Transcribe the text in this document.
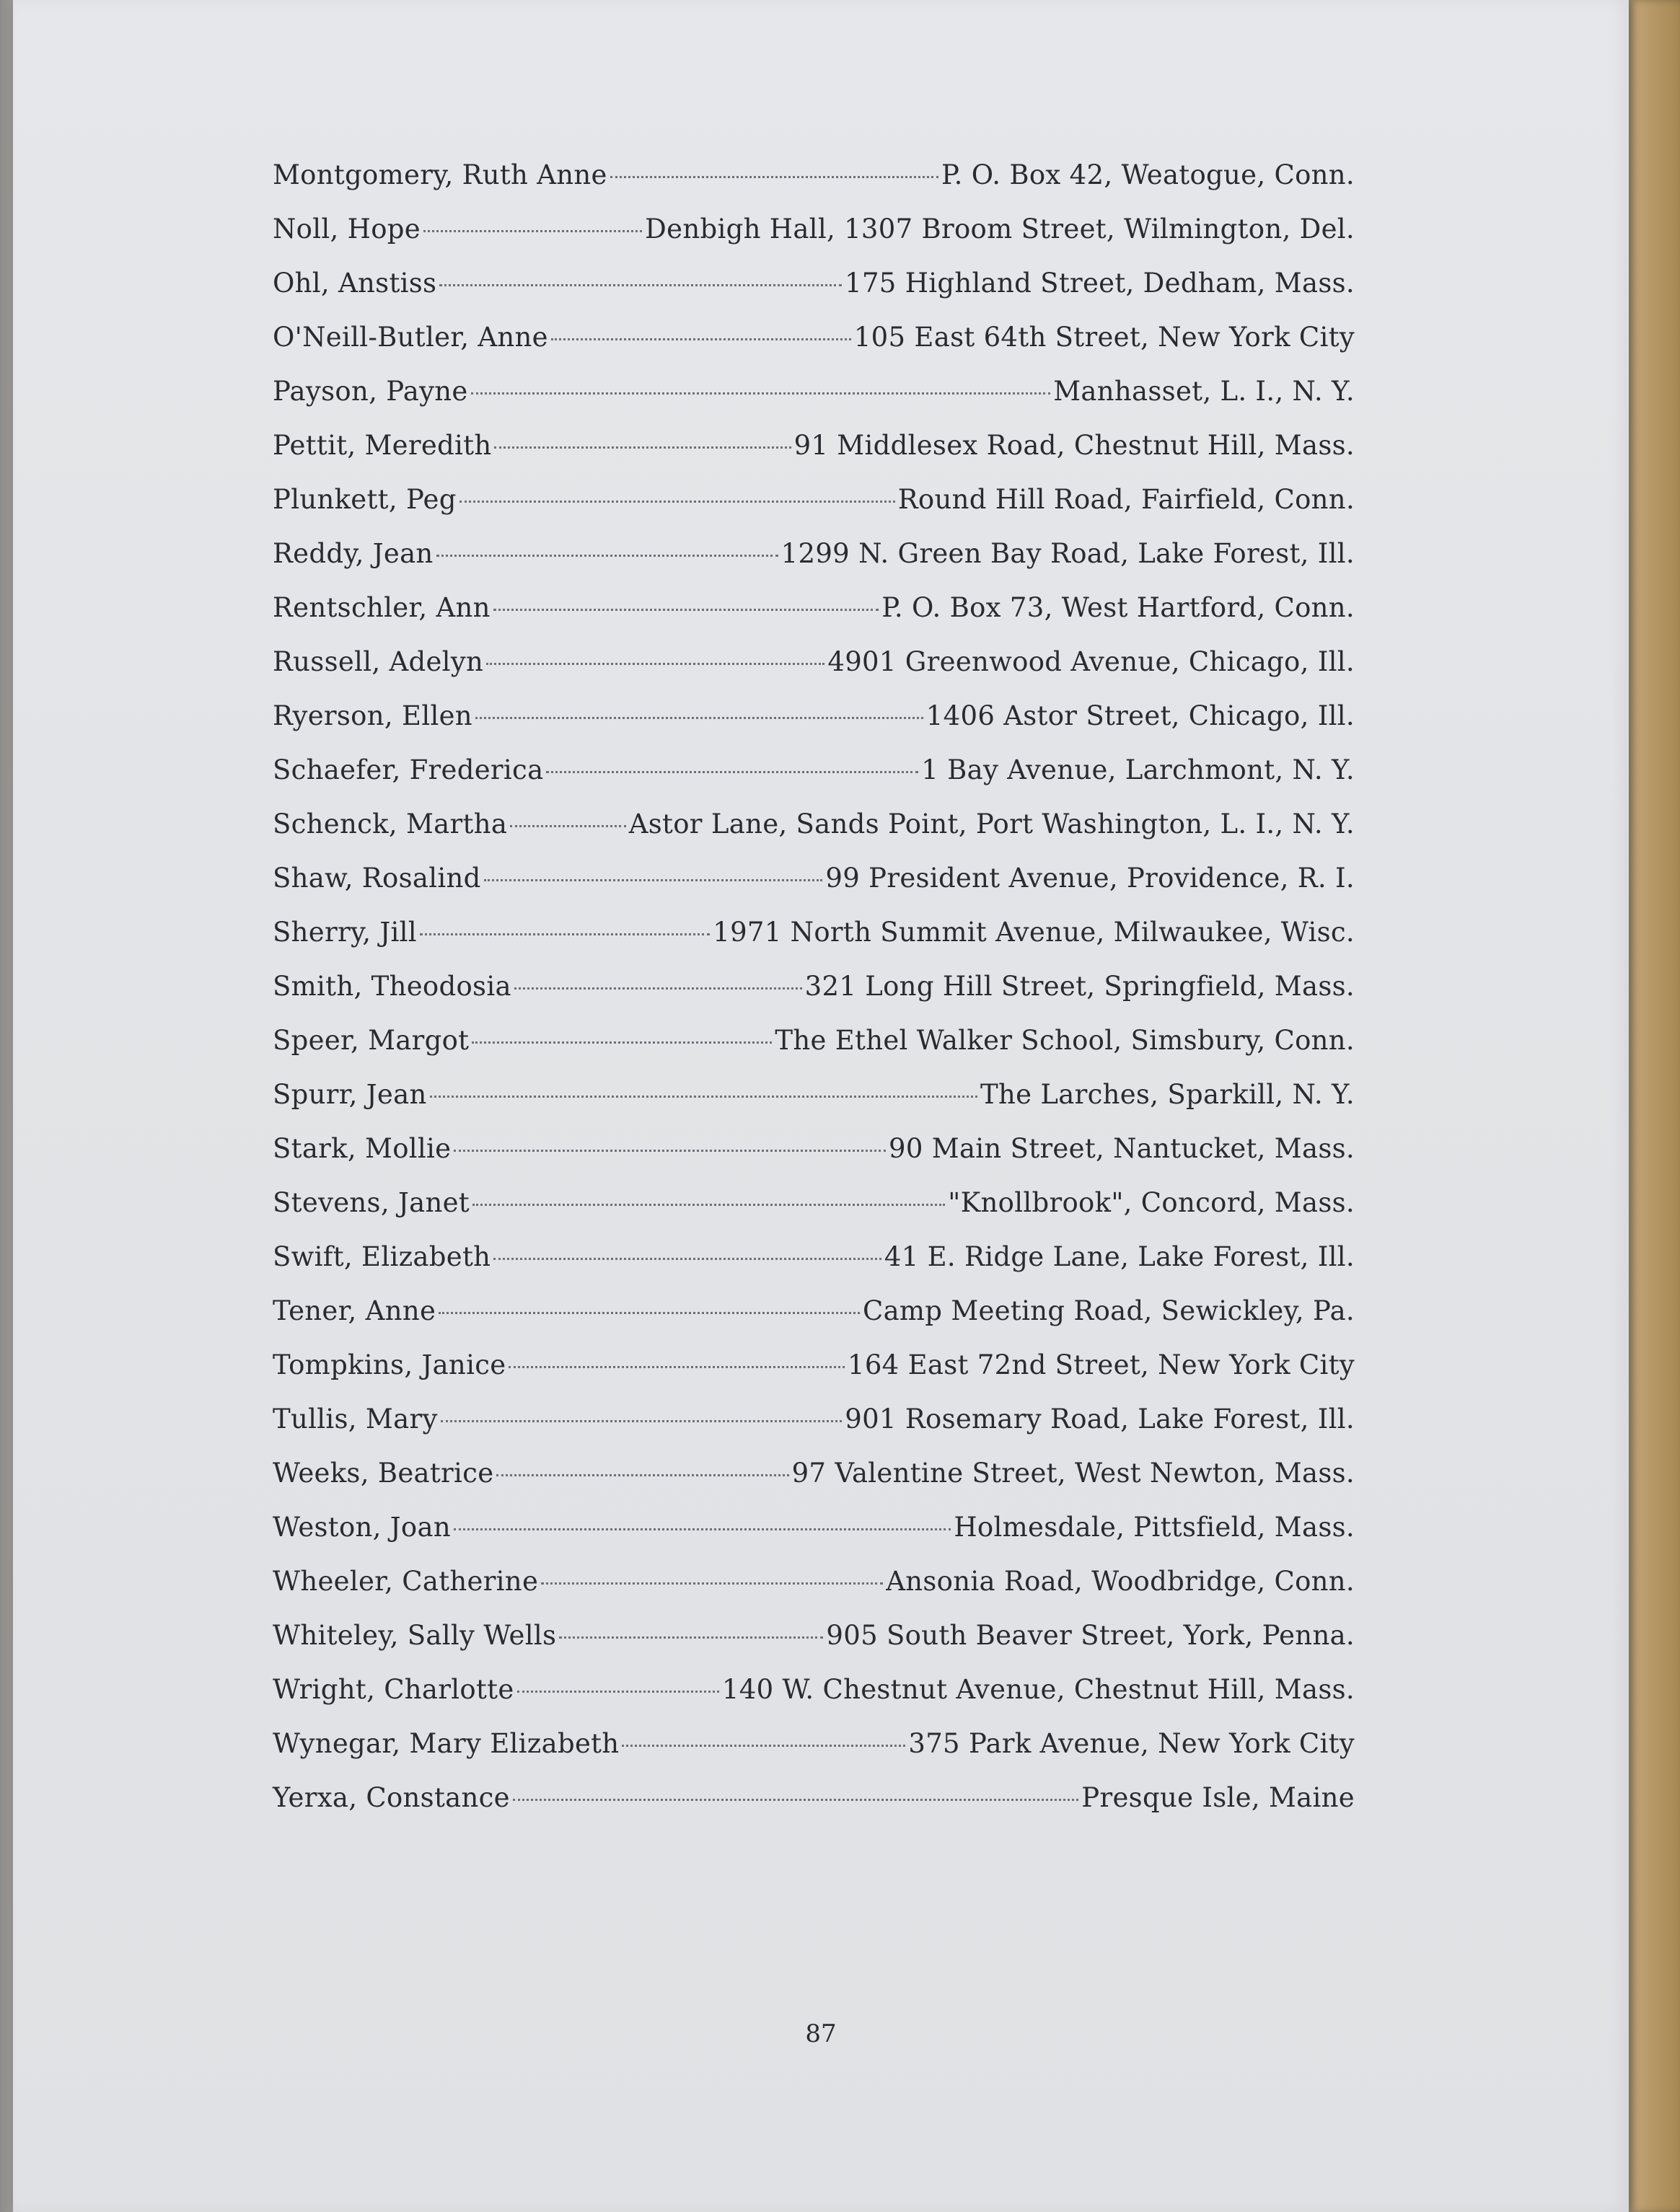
Montgomery, Ruth Anne	P. O. Box 42, Weatogue, Conn.
Noll, Hope	Denbigh Hall, 1307 Broom Street, Wilmington, Del.
Ohl, Anstiss	175 Highland Street, Dedham, Mass.
O'Neill-Butler, Anne	105 East 64th Street, New York City
Payson, Payne	Manhasset, L. I., N. Y.
Pettit, Meredith	91 Middlesex Road, Chestnut Hill, Mass.
Plunkett, Peg	Round Hill Road, Fairfield, Conn.
Reddy, Jean	1299 N. Green Bay Road, Lake Forest, Ill.
Rentschler, Ann	P. O. Box 73, West Hartford, Conn.
Russell, Adelyn	4901 Greenwood Avenue, Chicago, Ill.
Ryerson, Ellen	1406 Astor Street, Chicago, Ill.
Schaefer, Frederica	1 Bay Avenue, Larchmont, N. Y.
Schenck, Martha	Astor Lane, Sands Point, Port Washington, L. I., N. Y.
Shaw, Rosalind	99 President Avenue, Providence, R. I.
Sherry, Jill	1971 North Summit Avenue, Milwaukee, Wisc.
Smith, Theodosia	321 Long Hill Street, Springfield, Mass.
Speer, Margot	The Ethel Walker School, Simsbury, Conn.
Spurr, Jean	The Larches, Sparkill, N. Y.
Stark, Mollie	90 Main Street, Nantucket, Mass.
Stevens, Janet	"Knollbrook", Concord, Mass.
Swift, Elizabeth	41 E. Ridge Lane, Lake Forest, Ill.
Tener, Anne	Camp Meeting Road, Sewickley, Pa.
Tompkins, Janice	164 East 72nd Street, New York City
Tullis, Mary	901 Rosemary Road, Lake Forest, Ill.
Weeks, Beatrice	97 Valentine Street, West Newton, Mass.
Weston, Joan	Holmesdale, Pittsfield, Mass.
Wheeler, Catherine	Ansonia Road, Woodbridge, Conn.
Whiteley, Sally Wells	905 South Beaver Street, York, Penna.
Wright, Charlotte	140 W. Chestnut Avenue, Chestnut Hill, Mass.
Wynegar, Mary Elizabeth	375 Park Avenue, New York City
Yerxa, Constance	Presque Isle, Maine
87
